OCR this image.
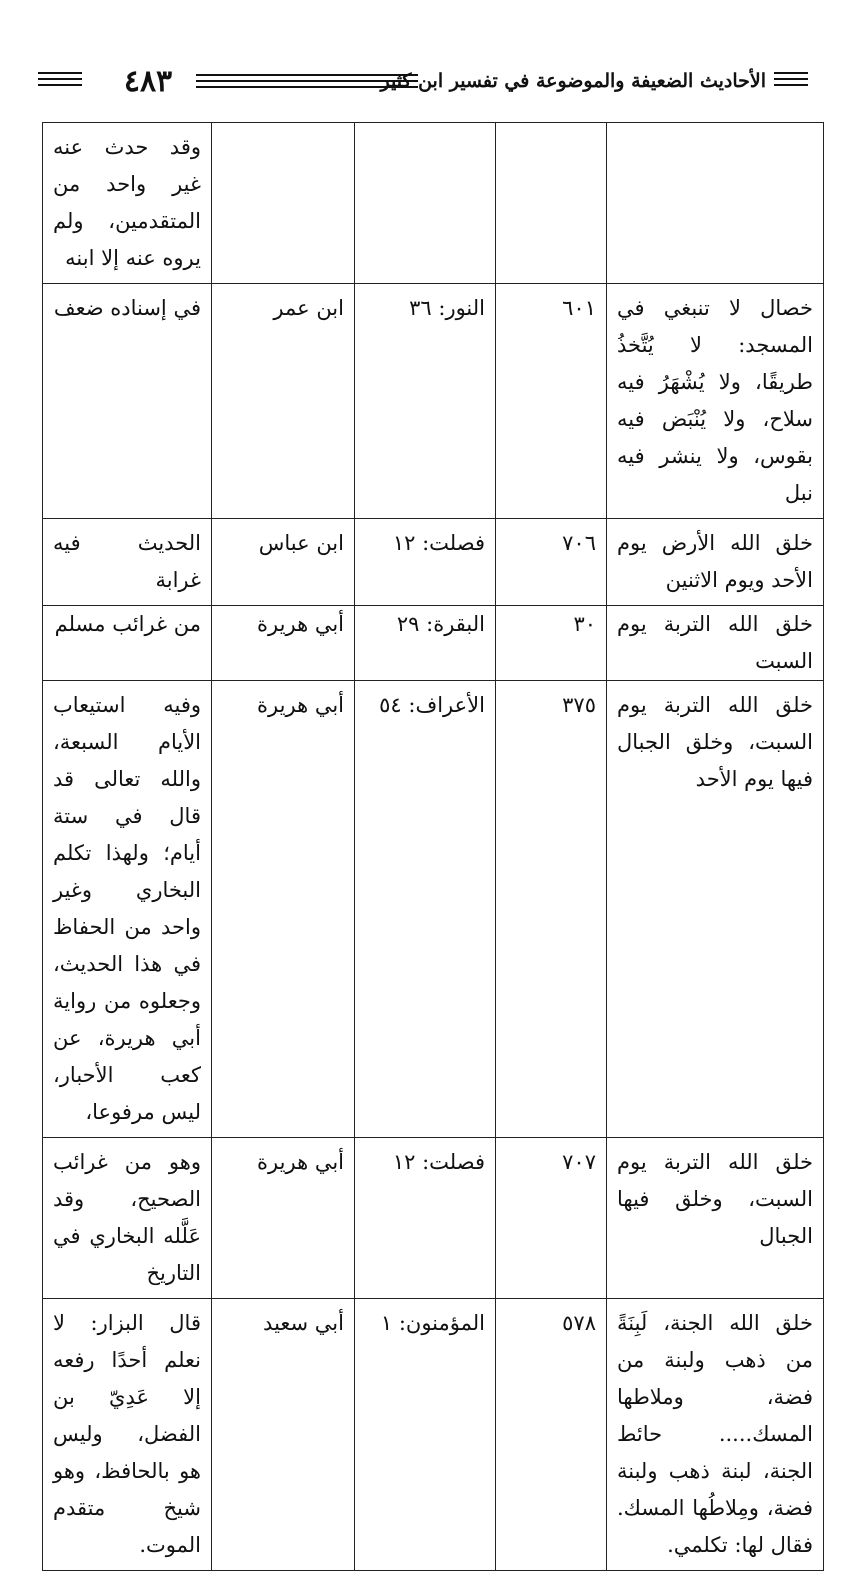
٤٨٣	الأحاديث الضعيفة والموضوعة في تفسير ابن كثير
				وقد حدث عنه غير واحد من المتقدمين، ولم يروه عنه إلا ابنه
خصال لا تنبغي في المسجد: لا يُتَّخذُ طريقًا، ولا يُشْهَرُ فيه سلاح، ولا يُنْبَض فيه بقوس، ولا ينشر فيه نبل	٦٠١	النور: ٣٦	ابن عمر	في إسناده ضعف
خلق الله الأرض يوم الأحد ويوم الاثنين	٧٠٦	فصلت: ١٢	ابن عباس	الحديث فيه غرابة
خلق الله التربة يوم السبت	٣٠	البقرة: ٢٩	أبي هريرة	من غرائب مسلم
خلق الله التربة يوم السبت، وخلق الجبال فيها يوم الأحد	٣٧٥	الأعراف: ٥٤	أبي هريرة	وفيه استيعاب الأيام السبعة، والله تعالى قد قال في ستة أيام؛ ولهذا تكلم البخاري وغير واحد من الحفاظ في هذا الحديث، وجعلوه من رواية أبي هريرة، عن كعب الأحبار، ليس مرفوعا،
خلق الله التربة يوم السبت، وخلق فيها الجبال	٧٠٧	فصلت: ١٢	أبي هريرة	وهو من غرائب الصحيح، وقد عَلَّله البخاري في التاريخ
خلق الله الجنة، لَبِنَةً من ذهب ولبنة من فضة، وملاطها المسك..... حائط الجنة، لبنة ذهب ولبنة فضة، ومِلاطُها المسك. فقال لها: تكلمي.	٥٧٨	المؤمنون: ١	أبي سعيد	قال البزار: لا نعلم أحدًا رفعه إلا عَدِيّ بن الفضل، وليس هو بالحافظ، وهو شيخ متقدم الموت.
